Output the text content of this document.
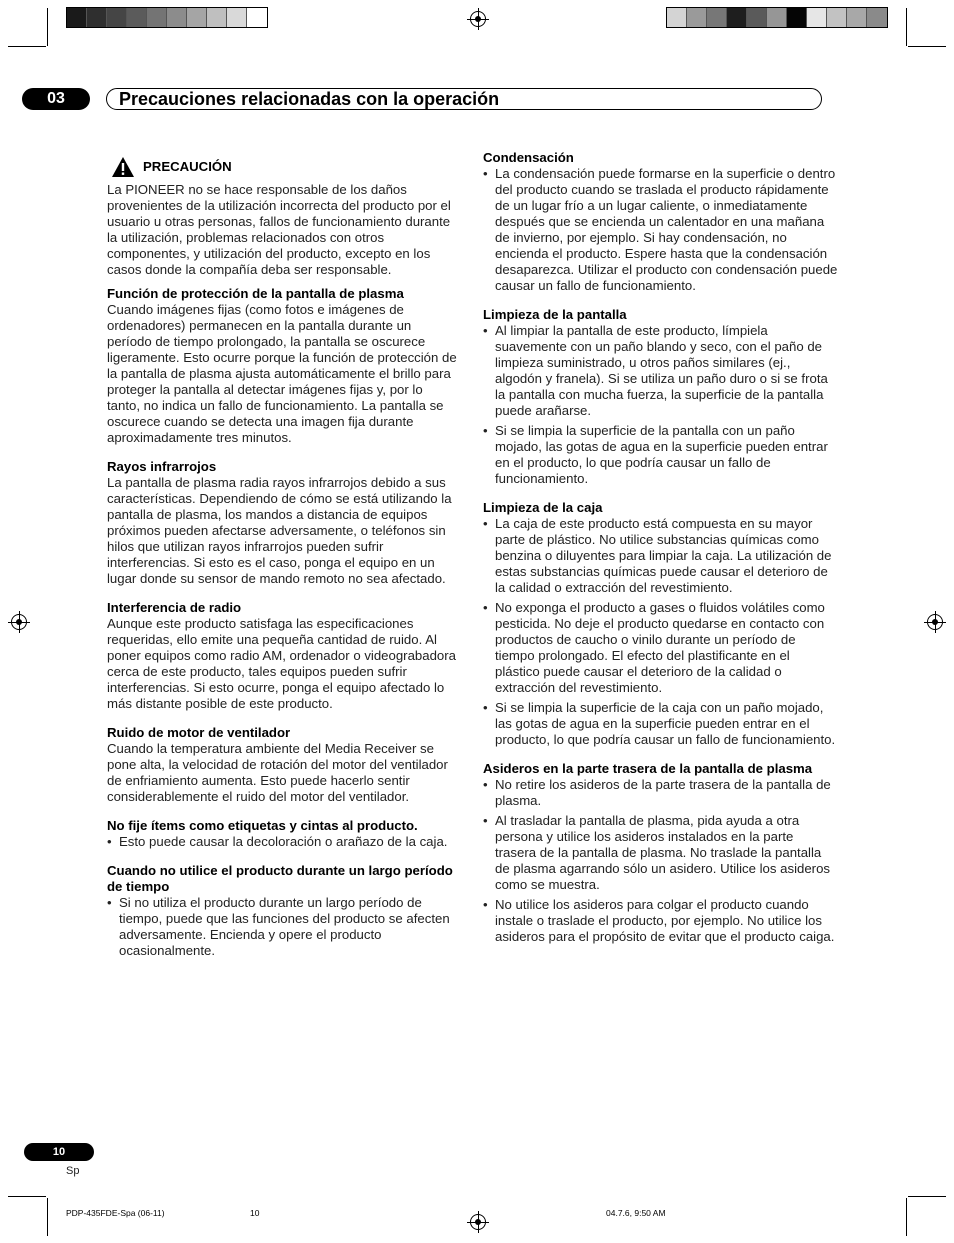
03	Precauciones relacionadas con la operación
PRECAUCIÓN

La PIONEER no se hace responsable de los daños provenientes de la utilización incorrecta del producto por el usuario u otras personas, fallos de funcionamiento durante la utilización, problemas relacionados con otros componentes, y utilización del producto, excepto en los casos donde la compañía deba ser responsable.

Función de protección de la pantalla de plasma

Cuando imágenes fijas (como fotos e imágenes de ordenadores) permanecen en la pantalla durante un período de tiempo prolongado, la pantalla se oscurece ligeramente. Esto ocurre porque la función de protección de la pantalla de plasma ajusta automáticamente el brillo para proteger la pantalla al detectar imágenes fijas y, por lo tanto, no indica un fallo de funcionamiento. La pantalla se oscurece cuando se detecta una imagen fija durante aproximadamente tres minutos.

Rayos infrarrojos

La pantalla de plasma radia rayos infrarrojos debido a sus características. Dependiendo de cómo se está utilizando la pantalla de plasma, los mandos a distancia de equipos próximos pueden afectarse adversamente, o teléfonos sin hilos que utilizan rayos infrarrojos pueden sufrir interferencias. Si esto es el caso, ponga el equipo en un lugar donde su sensor de mando remoto no sea afectado.

Interferencia de radio

Aunque este producto satisfaga las especificaciones requeridas, ello emite una pequeña cantidad de ruido. Al poner equipos como radio AM, ordenador o videograbadora cerca de este producto, tales equipos pueden sufrir interferencias. Si esto ocurre, ponga el equipo afectado lo más distante posible de este producto.

Ruido de motor de ventilador

Cuando la temperatura ambiente del Media Receiver se pone alta, la velocidad de rotación del motor del ventilador de enfriamiento aumenta. Esto puede hacerlo sentir considerablemente el ruido del motor del ventilador.

No fije ítems como etiquetas y cintas al producto.
• Esto puede causar la decoloración o arañazo de la caja.
Cuando no utilice el producto durante un largo período de tiempo
• Si no utiliza el producto durante un largo período de tiempo, puede que las funciones del producto se afecten adversamente. Encienda y opere el producto ocasionalmente.
Condensación
• La condensación puede formarse en la superficie o dentro del producto cuando se traslada el producto rápidamente de un lugar frío a un lugar caliente, o inmediatamente después que se encienda un calentador en una mañana de invierno, por ejemplo. Si hay condensación, no encienda el producto. Espere hasta que la condensación desaparezca. Utilizar el producto con condensación puede causar un fallo de funcionamiento.
Limpieza de la pantalla
• Al limpiar la pantalla de este producto, límpiela suavemente con un paño blando y seco, con el paño de limpieza suministrado, u otros paños similares (ej., algodón y franela). Si se utiliza un paño duro o si se frota la pantalla con mucha fuerza, la superficie de la pantalla puede arañarse.
• Si se limpia la superficie de la pantalla con un paño mojado, las gotas de agua en la superficie pueden entrar en el producto, lo que podría causar un fallo de funcionamiento.
Limpieza de la caja
• La caja de este producto está compuesta en su mayor parte de plástico. No utilice substancias químicas como benzina o diluyentes para limpiar la caja. La utilización de estas substancias químicas puede causar el deterioro de la calidad o extracción del revestimiento.
• No exponga el producto a gases o fluidos volátiles como pesticida. No deje el producto quedarse en contacto con productos de caucho o vinilo durante un período de tiempo prolongado. El efecto del plastificante en el plástico puede causar el deterioro de la calidad o extracción del revestimiento.
• Si se limpia la superficie de la caja con un paño mojado, las gotas de agua en la superficie pueden entrar en el producto, lo que podría causar un fallo de funcionamiento.
Asideros en la parte trasera de la pantalla de plasma
• No retire los asideros de la parte trasera de la pantalla de plasma.
• Al trasladar la pantalla de plasma, pida ayuda a otra persona y utilice los asideros instalados en la parte trasera de la pantalla de plasma. No traslade la pantalla de plasma agarrando sólo un asidero. Utilice los asideros como se muestra.
• No utilice los asideros para colgar el producto cuando instale o traslade el producto, por ejemplo. No utilice los asideros para el propósito de evitar que el producto caiga.
10
Sp
PDP-435FDE-Spa (06-11)	10	04.7.6, 9:50 AM
